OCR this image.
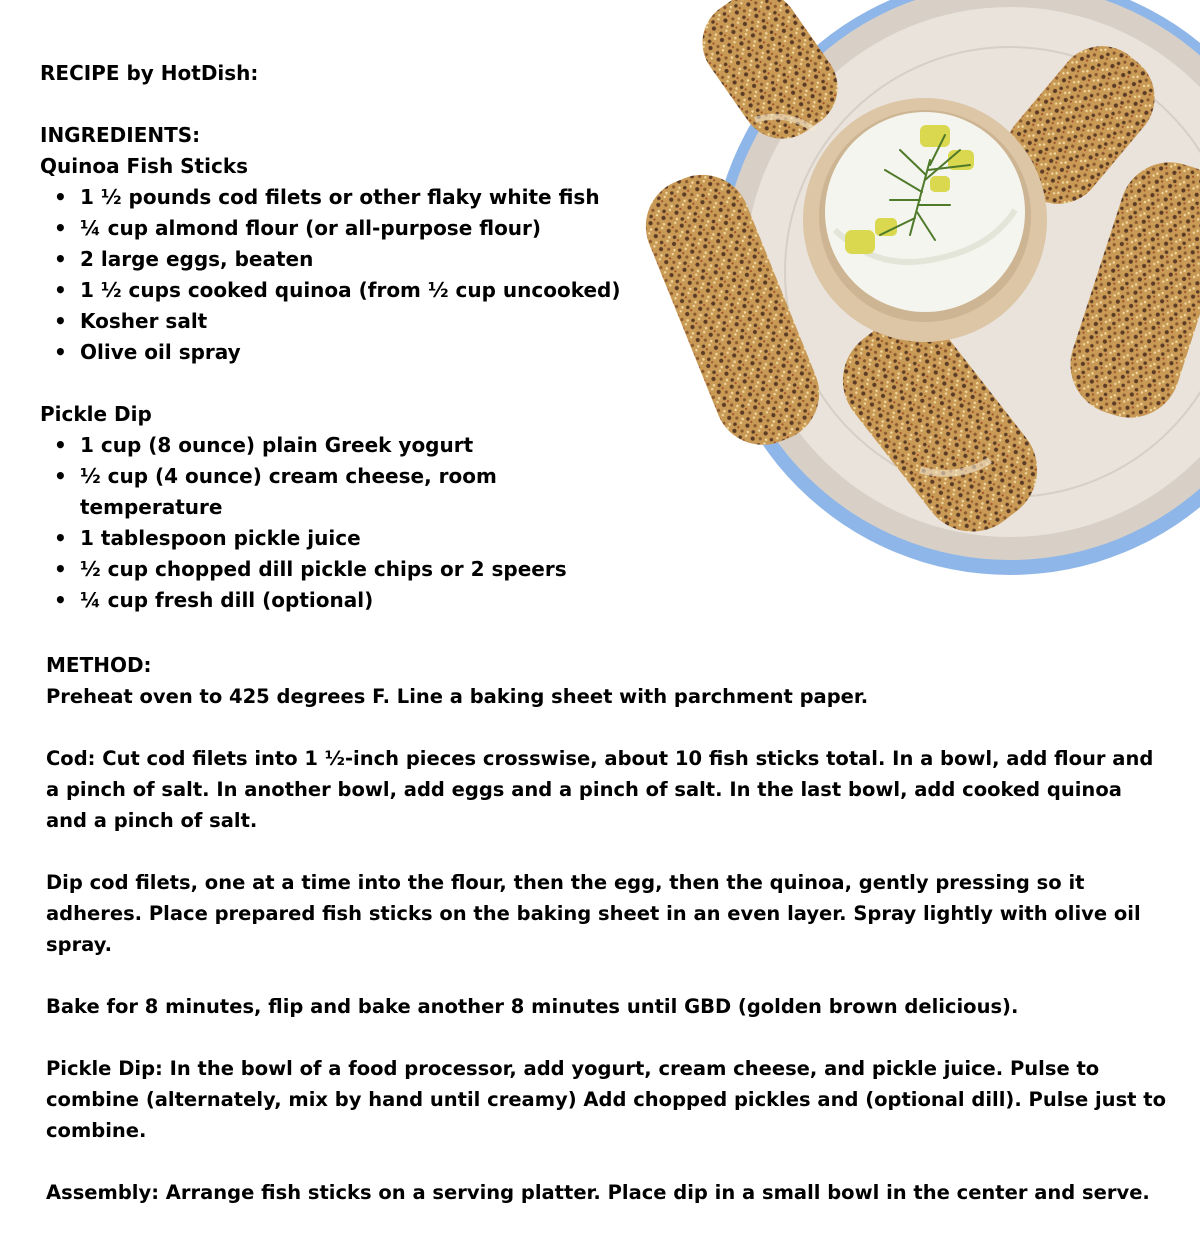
RECIPE by HotDish:

INGREDIENTS:

Quinoa Fish Sticks

• 1 ½ pounds cod filets or other flaky white fish
• ¼ cup almond flour (or all-purpose flour)
• 2 large eggs, beaten
• 1 ½ cups cooked quinoa (from ½ cup uncooked)
• Kosher salt
• Olive oil spray

Pickle Dip

• 1 cup (8 ounce) plain Greek yogurt
• ½ cup (4 ounce) cream cheese, room temperature
• 1 tablespoon pickle juice
• ½ cup chopped dill pickle chips or 2 speers
• ¼ cup fresh dill (optional)

METHOD:

Preheat oven to 425 degrees F. Line a baking sheet with parchment paper.

Cod: Cut cod filets into 1 ½-inch pieces crosswise, about 10 fish sticks total. In a bowl, add flour and a pinch of salt. In another bowl, add eggs and a pinch of salt. In the last bowl, add cooked quinoa and a pinch of salt.

Dip cod filets, one at a time into the flour, then the egg, then the quinoa, gently pressing so it adheres. Place prepared fish sticks on the baking sheet in an even layer. Spray lightly with olive oil spray.

Bake for 8 minutes, flip and bake another 8 minutes until GBD (golden brown delicious).

Pickle Dip: In the bowl of a food processor, add yogurt, cream cheese, and pickle juice. Pulse to combine (alternately, mix by hand until creamy) Add chopped pickles and (optional dill). Pulse just to combine.

Assembly: Arrange fish sticks on a serving platter. Place dip in a small bowl in the center and serve.
